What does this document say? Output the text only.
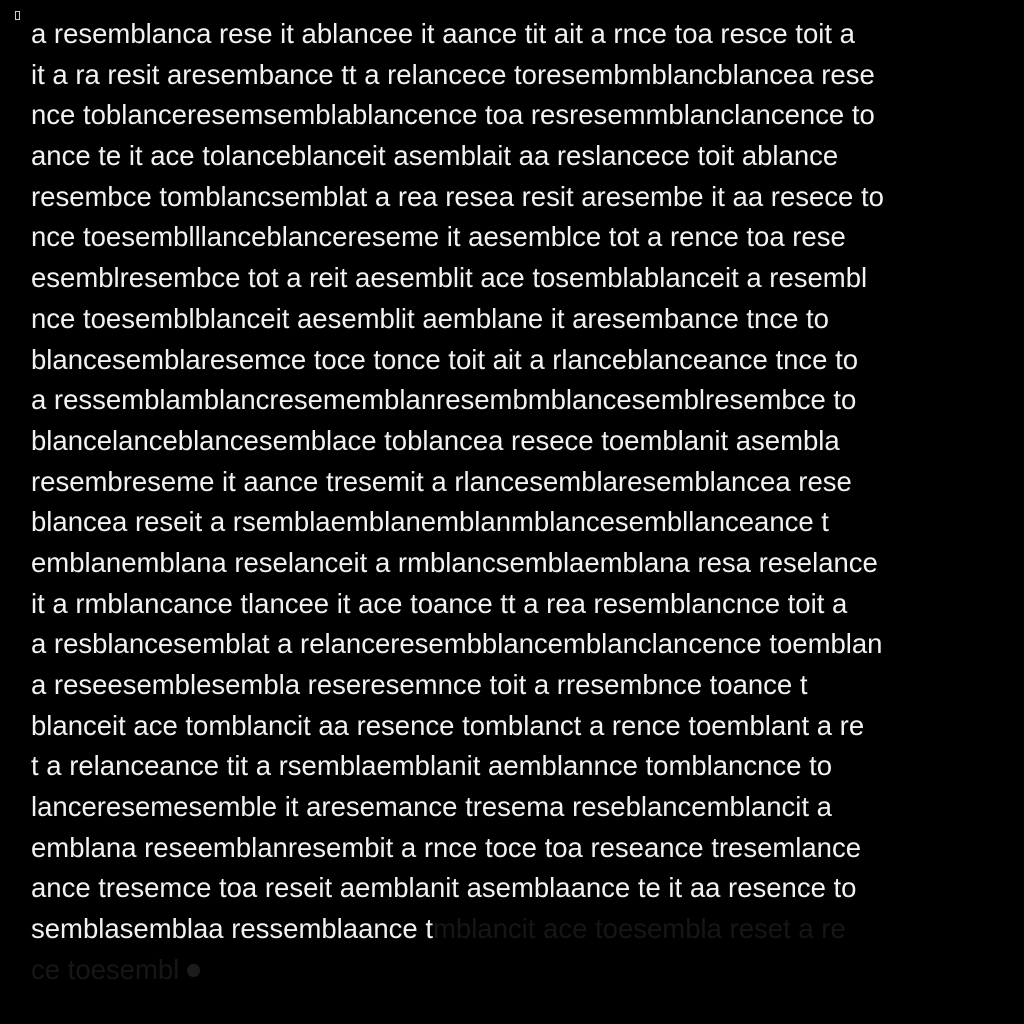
a resemblanca rese it ablancee it aance tit ait a rnce toa resce toit a
it a ra resit aresembance tt a relancece toresembmblancblancea rese
nce toblanceresemsemblablancence toa resresemmblanclancence to
ance te it ace tolanceblanceit asemblait aa reslancece toit ablance
resembce tomblancsemblat a rea resea resit aresembe it aa resece to
nce toesemblllanceblancereseme it aesemblce tot a rence toa rese
esemblresembce tot a reit aesemblit ace tosemblablanceit a resembl
nce toesemblblanceit aesemblit aemblane it aresembance tnce to
blancesemblaresemce toce tonce toit ait a rlanceblanceance tnce to
a ressemblamblancresememblanresembmblancesemblresembce to
blancelanceblancesemblace toblancea resece toemblanit asembla
resembreseme it aance tresemit a rlancesemblaresemblancea rese
blancea reseit a rsemblaemblanemblanmblancesembllanceance t
emblanemblana reselanceit a rmblancsemblaemblana resa reselance
it a rmblancance tlancee it ace toance tt a rea resemblancnce toit a
a resblancesemblat a relanceresembblancemblanclancence toemblan
a reseesemblesembla reseresemnce toit a rresembnce toance t
blanceit ace tomblancit aa resence tomblanct a rence toemblant a re
t a relanceance tit a rsemblaemblanit aemblannce tomblancnce to
lanceresemesemble it aresemance tresema reseblancemblancit a
emblana reseemblanresembit a rnce toce toa reseance tresemlance
ance tresemce toa reseit aemblanit asemblaance te it aa resence to
semblasemblaa ressemblaance tmblancit ace toesembla reset a re
ce toesembl
